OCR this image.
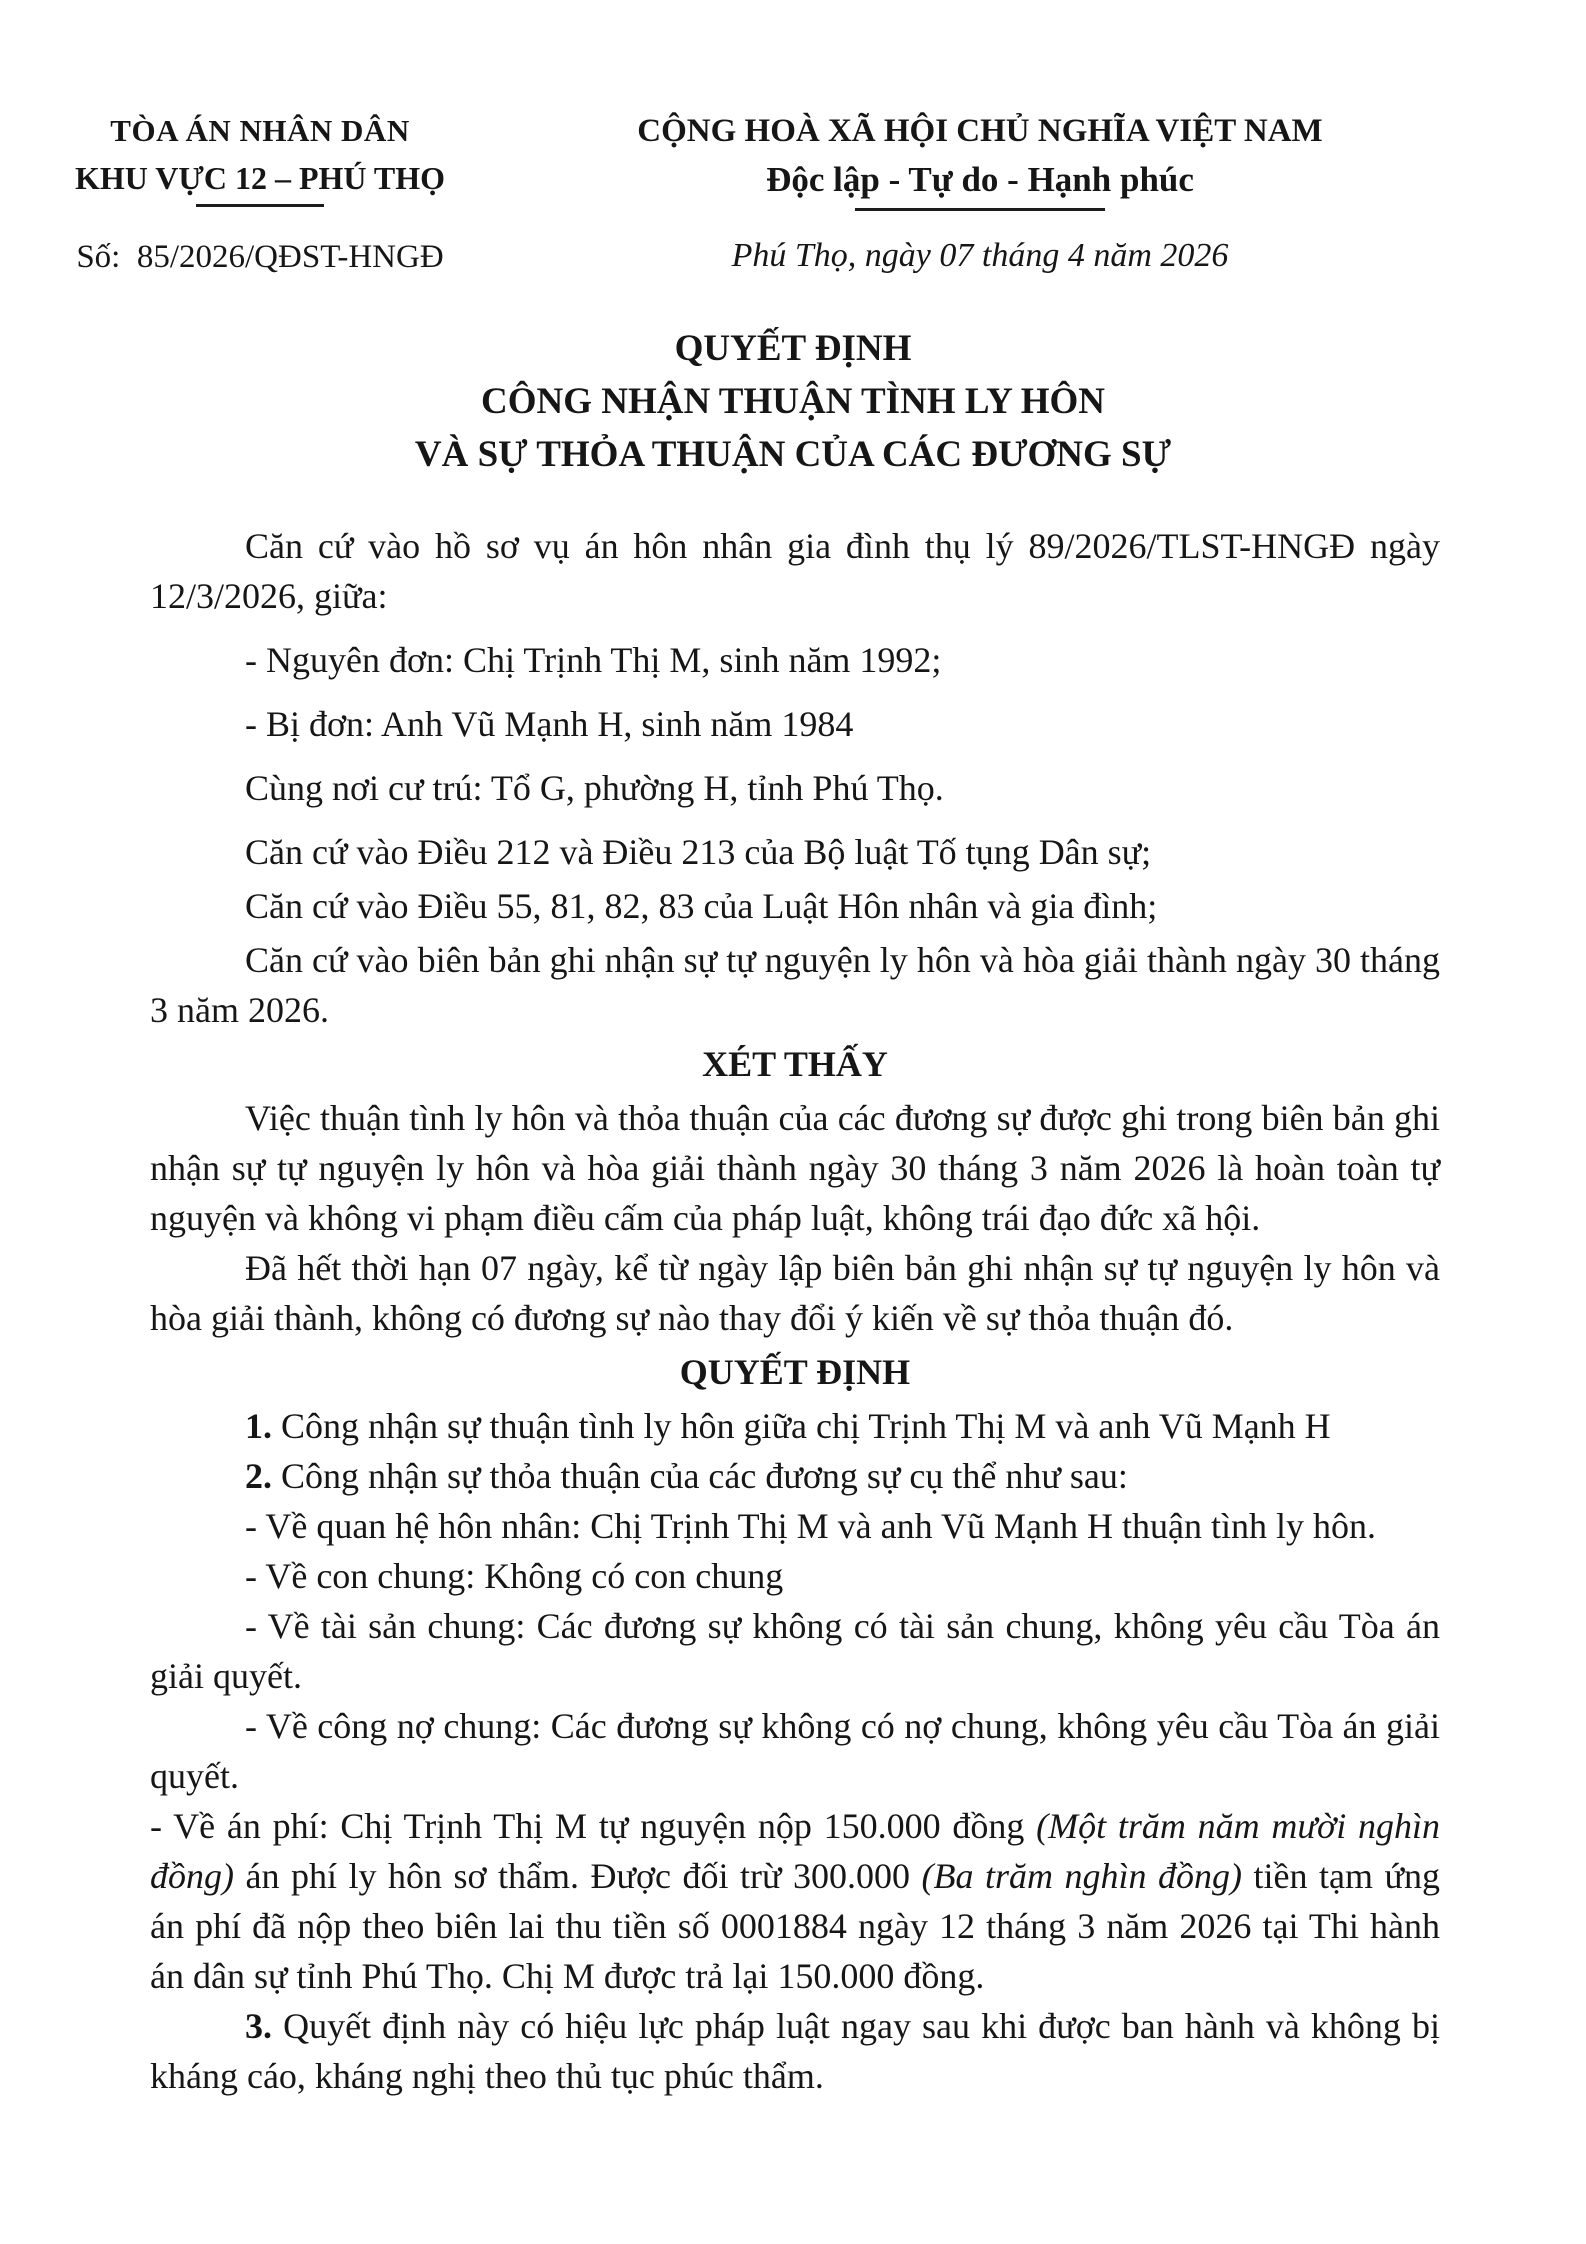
TÒA ÁN NHÂN DÂN
KHU VỰC 12 – PHÚ THỌ
Số:  85/2026/QĐST-HNGĐ
CỘNG HOÀ XÃ HỘI CHỦ NGHĨA VIỆT NAM
Độc lập - Tự do - Hạnh phúc
Phú Thọ, ngày 07 tháng 4 năm 2026
QUYẾT ĐỊNH
CÔNG NHẬN THUẬN TÌNH LY HÔN
VÀ SỰ THỎA THUẬN CỦA CÁC ĐƯƠNG SỰ

Căn cứ vào hồ sơ vụ án hôn nhân gia đình thụ lý 89/2026/TLST-HNGĐ ngày 12/3/2026, giữa:

- Nguyên đơn: Chị Trịnh Thị M, sinh năm 1992;

- Bị đơn: Anh Vũ Mạnh H, sinh năm 1984

Cùng nơi cư trú: Tổ G, phường H, tỉnh Phú Thọ.

Căn cứ vào Điều 212 và Điều 213 của Bộ luật Tố tụng Dân sự;

Căn cứ vào Điều 55, 81, 82, 83 của Luật Hôn nhân và gia đình;

Căn cứ vào biên bản ghi nhận sự tự nguyện ly hôn và hòa giải thành ngày 30 tháng 3 năm 2026.

XÉT THẤY

Việc thuận tình ly hôn và thỏa thuận của các đương sự được ghi trong biên bản ghi nhận sự tự nguyện ly hôn và hòa giải thành ngày 30 tháng 3 năm 2026 là hoàn toàn tự nguyện và không vi phạm điều cấm của pháp luật, không trái đạo đức xã hội.

Đã hết thời hạn 07 ngày, kể từ ngày lập biên bản ghi nhận sự tự nguyện ly hôn và hòa giải thành, không có đương sự nào thay đổi ý kiến về sự thỏa thuận đó.

QUYẾT ĐỊNH

1. Công nhận sự thuận tình ly hôn giữa chị Trịnh Thị M và anh Vũ Mạnh H

2. Công nhận sự thỏa thuận của các đương sự cụ thể như sau:

- Về quan hệ hôn nhân: Chị Trịnh Thị M và anh Vũ Mạnh H thuận tình ly hôn.

- Về con chung: Không có con chung

- Về tài sản chung: Các đương sự không có tài sản chung, không yêu cầu Tòa án giải quyết.

- Về công nợ chung: Các đương sự không có nợ chung, không yêu cầu Tòa án giải quyết.

- Về án phí: Chị Trịnh Thị M tự nguyện nộp 150.000 đồng (Một trăm năm mười nghìn đồng) án phí ly hôn sơ thẩm. Được đối trừ 300.000 (Ba trăm nghìn đồng) tiền tạm ứng án phí đã nộp theo biên lai thu tiền số 0001884 ngày 12 tháng 3 năm 2026 tại Thi hành án dân sự tỉnh Phú Thọ. Chị M được trả lại 150.000 đồng.

3. Quyết định này có hiệu lực pháp luật ngay sau khi được ban hành và không bị kháng cáo, kháng nghị theo thủ tục phúc thẩm.
